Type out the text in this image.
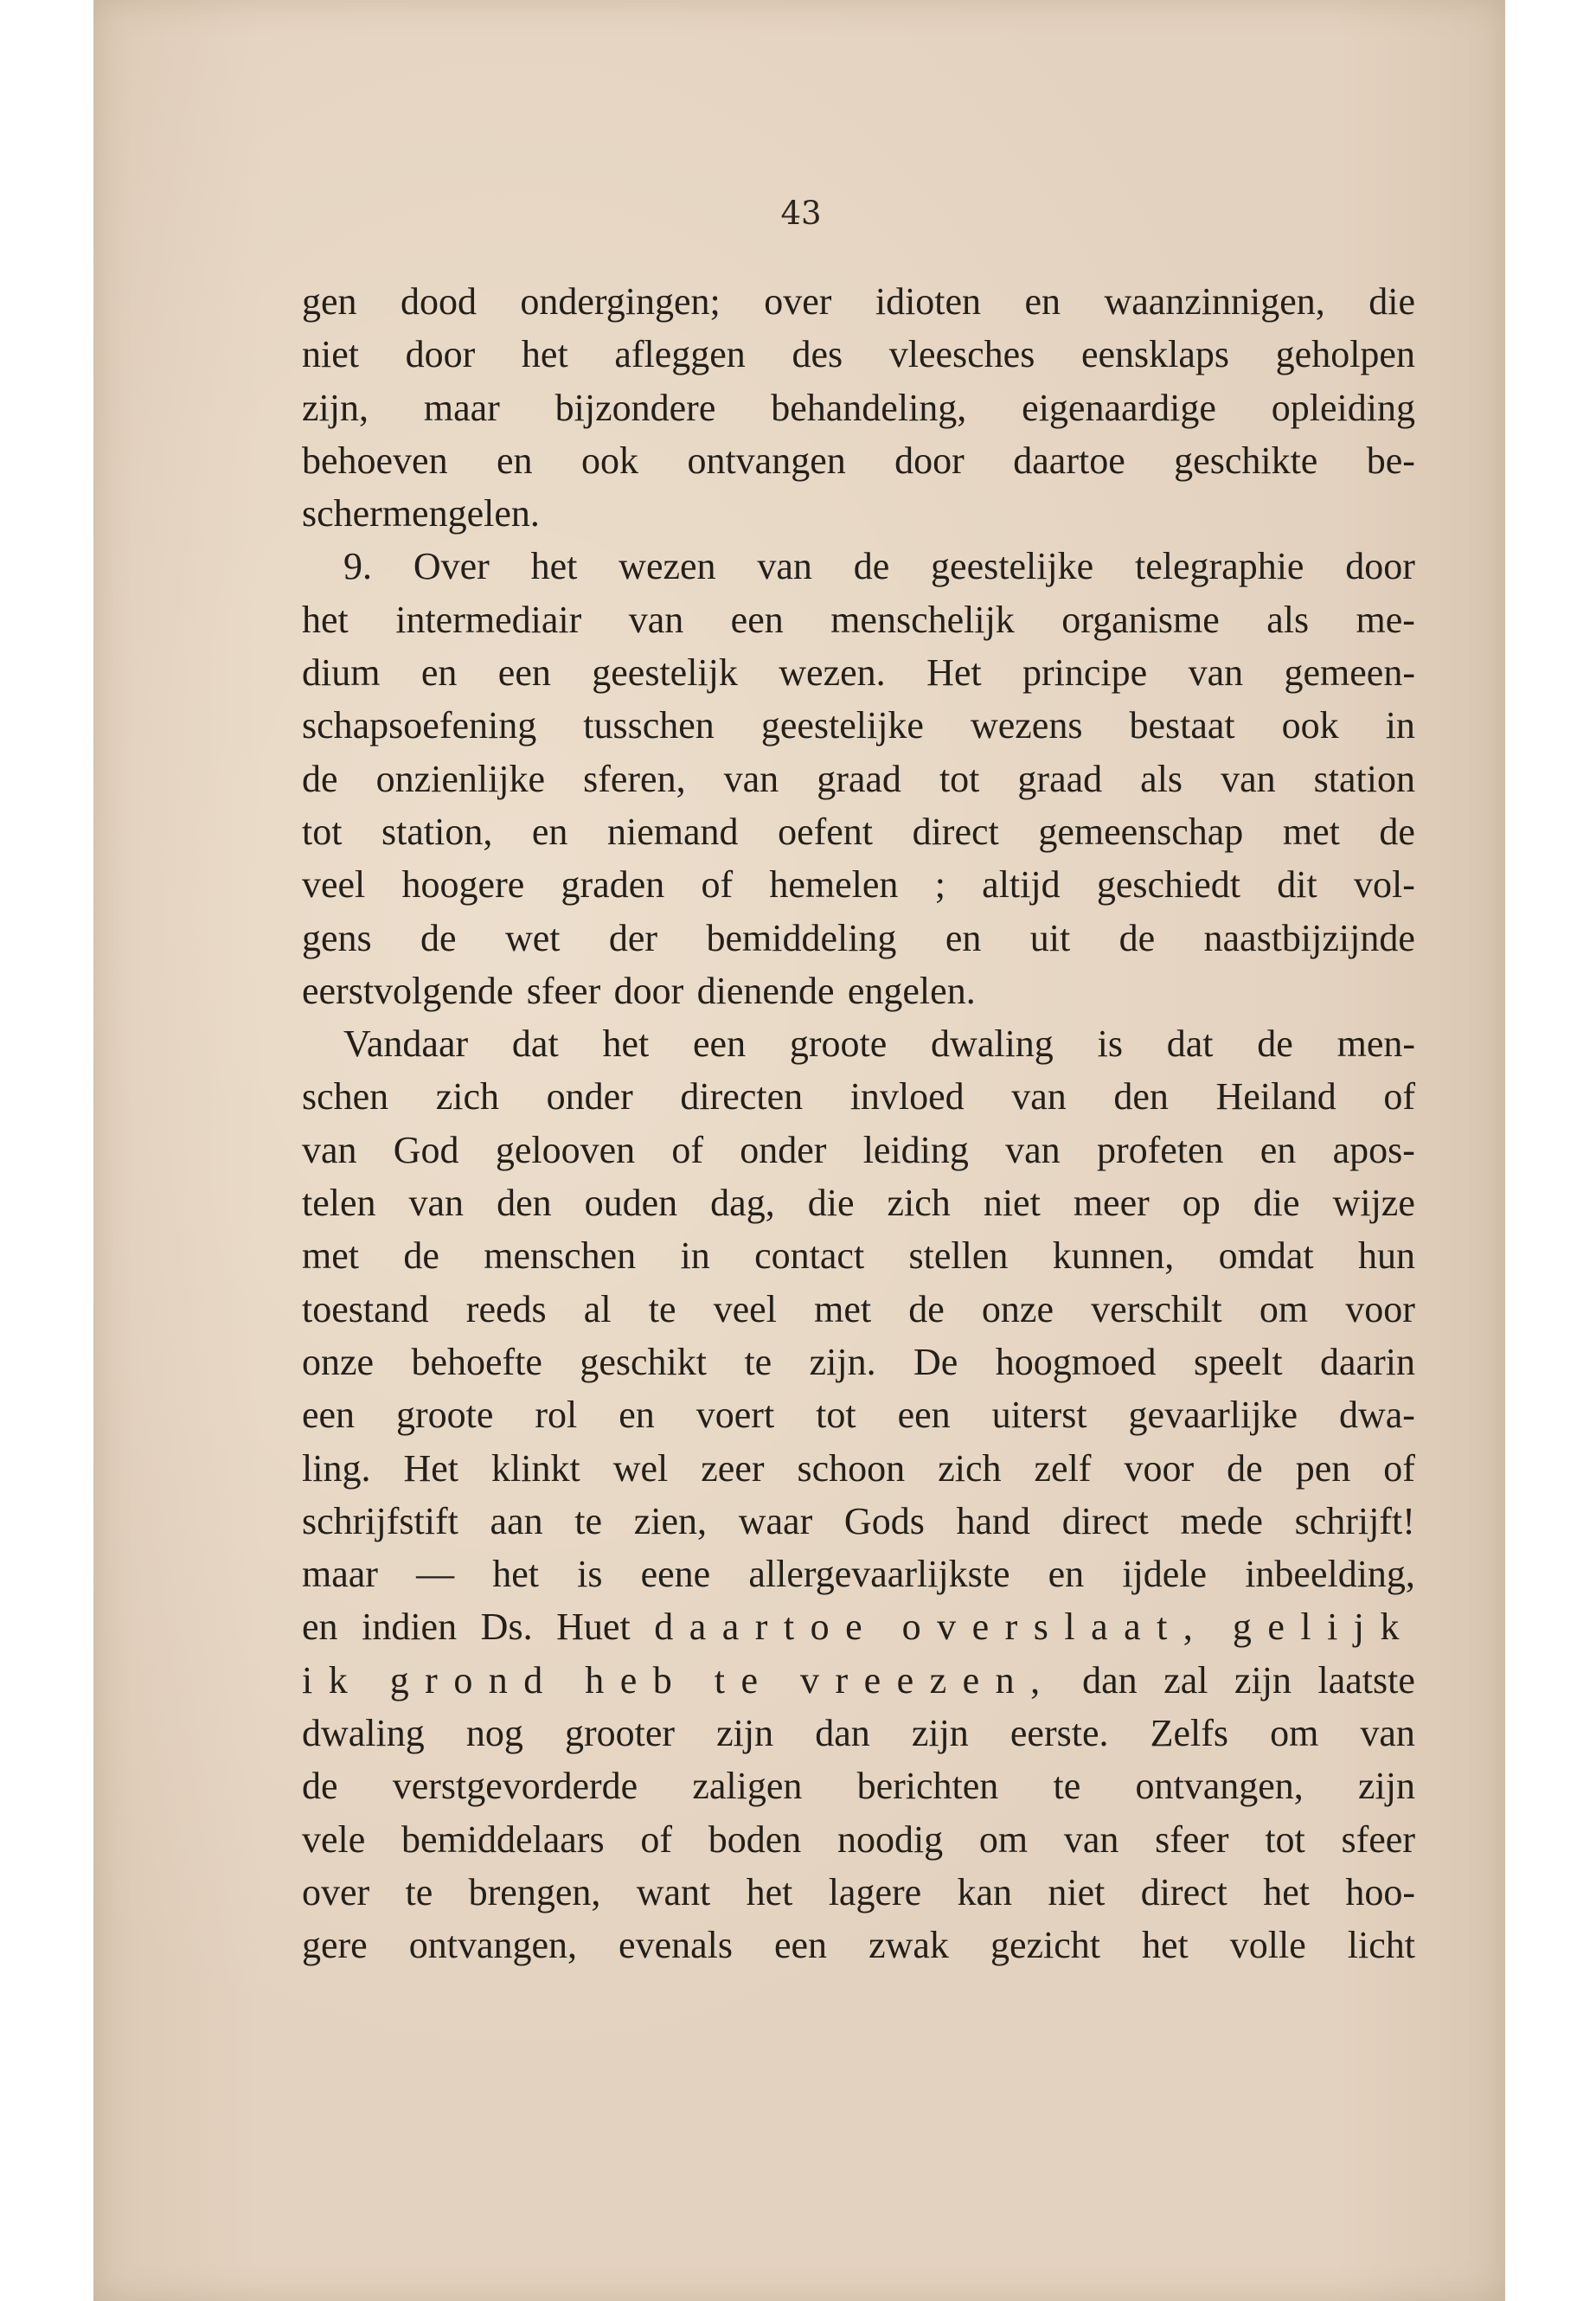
43
gen dood ondergingen; over idioten en waanzinnigen, die
niet door het afleggen des vleesches eensklaps geholpen
zijn, maar bijzondere behandeling, eigenaardige opleiding
behoeven en ook ontvangen door daartoe geschikte be-
schermengelen.
9. Over het wezen van de geestelijke telegraphie door
het intermediair van een menschelijk organisme als me-
dium en een geestelijk wezen. Het principe van gemeen-
schapsoefening tusschen geestelijke wezens bestaat ook in
de onzienlijke sferen, van graad tot graad als van station
tot station, en niemand oefent direct gemeenschap met de
veel hoogere graden of hemelen ; altijd geschiedt dit vol-
gens de wet der bemiddeling en uit de naastbijzijnde
eerstvolgende sfeer door dienende engelen.
Vandaar dat het een groote dwaling is dat de men-
schen zich onder directen invloed van den Heiland of
van God gelooven of onder leiding van profeten en apos-
telen van den ouden dag, die zich niet meer op die wijze
met de menschen in contact stellen kunnen, omdat hun
toestand reeds al te veel met de onze verschilt om voor
onze behoefte geschikt te zijn. De hoogmoed speelt daarin
een groote rol en voert tot een uiterst gevaarlijke dwa-
ling. Het klinkt wel zeer schoon zich zelf voor de pen of
schrijfstift aan te zien, waar Gods hand direct mede schrijft!
maar — het is eene allergevaarlijkste en ijdele inbeelding,
en indien Ds. Huet daartoe overslaat, gelijk
ik grond heb te vreezen, dan zal zijn laatste
dwaling nog grooter zijn dan zijn eerste. Zelfs om van
de verstgevorderde zaligen berichten te ontvangen, zijn
vele bemiddelaars of boden noodig om van sfeer tot sfeer
over te brengen, want het lagere kan niet direct het hoo-
gere ontvangen, evenals een zwak gezicht het volle licht
